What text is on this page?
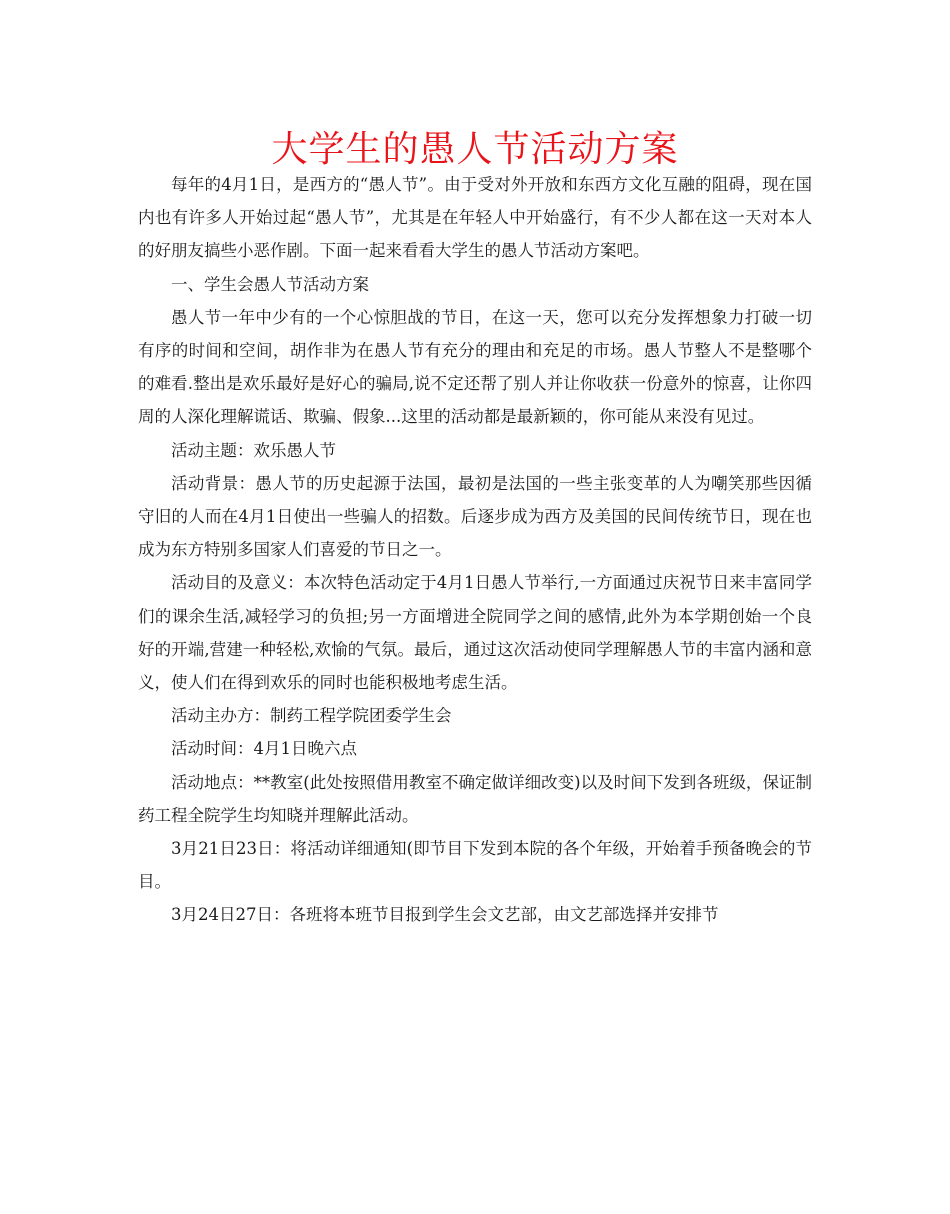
大学生的愚人节活动方案

每年的4月1日，是西方的“愚人节”。由于受对外开放和东西方文化互融的阻碍，现在国内也有许多人开始过起“愚人节”，尤其是在年轻人中开始盛行，有不少人都在这一天对本人的好朋友搞些小恶作剧。下面一起来看看大学生的愚人节活动方案吧。

一、学生会愚人节活动方案

愚人节一年中少有的一个心惊胆战的节日，在这一天，您可以充分发挥想象力打破一切有序的时间和空间，胡作非为在愚人节有充分的理由和充足的市场。愚人节整人不是整哪个的难看.整出是欢乐最好是好心的骗局,说不定还帮了别人并让你收获一份意外的惊喜，让你四周的人深化理解谎话、欺骗、假象...这里的活动都是最新颖的，你可能从来没有见过。

活动主题：欢乐愚人节

活动背景：愚人节的历史起源于法国，最初是法国的一些主张变革的人为嘲笑那些因循守旧的人而在4月1日使出一些骗人的招数。后逐步成为西方及美国的民间传统节日，现在也成为东方特别多国家人们喜爱的节日之一。

活动目的及意义：本次特色活动定于4月1日愚人节举行,一方面通过庆祝节日来丰富同学们的课余生活,减轻学习的负担;另一方面增进全院同学之间的感情,此外为本学期创始一个良好的开端,营建一种轻松,欢愉的气氛。最后，通过这次活动使同学理解愚人节的丰富内涵和意义，使人们在得到欢乐的同时也能积极地考虑生活。

活动主办方：制药工程学院团委学生会

活动时间：4月1日晚六点

活动地点：**教室(此处按照借用教室不确定做详细改变)以及时间下发到各班级，保证制药工程全院学生均知晓并理解此活动。

3月21日23日：将活动详细通知(即节目下发到本院的各个年级，开始着手预备晚会的节目。

3月24日27日：各班将本班节目报到学生会文艺部，由文艺部选择并安排节
